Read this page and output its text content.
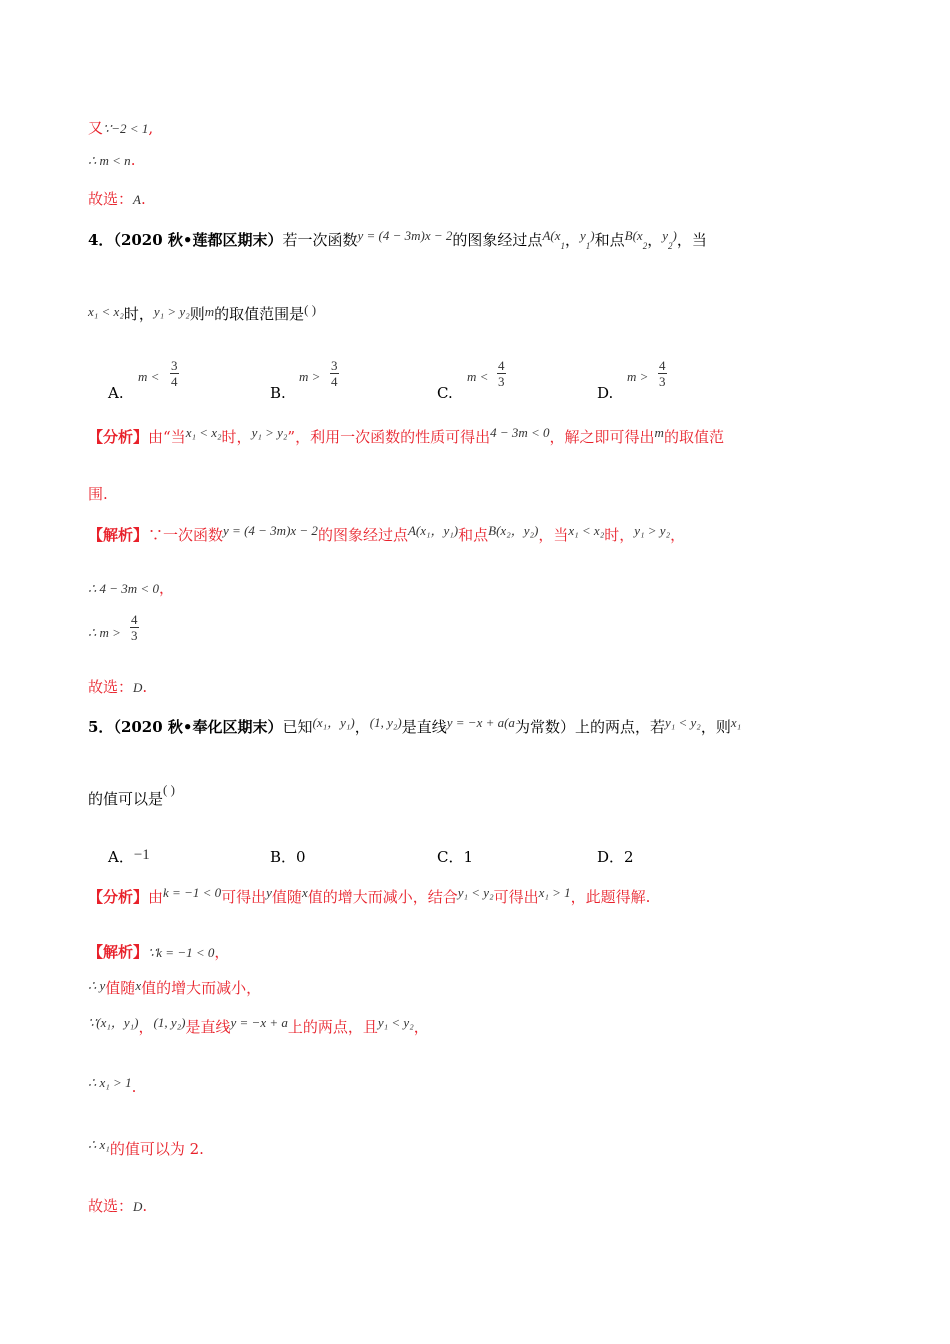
又∵−2 < 1,
∴ m < n.
故选：A.
4．（2020 秋•莲都区期末）若一次函数y = (4 − 3m)x − 2的图象经过点$A(x_1$，$y_1$)和点$B(x_2$，$y_2$)，当
x₁ < x₂时，y₁ > y₂则m的取值范围是( )
A.
$m < \frac{3}{4}$
B.
$m > \frac{3}{4}$
C.
$m < \frac{4}{3}$
D.
$m > \frac{4}{3}$
【分析】由“当x₁ < x₂时，y₁ > y₂”，利用一次函数的性质可得出4 − 3m < 0，解之即可得出m的取值范
围.
【解析】∵一次函数y = (4 − 3m)x − 2的图象经过点A(x₁，y₁)和点B(x₂，y₂)，当x₁ < x₂时，y₁ > y₂，
∴ 4 − 3m < 0，
∴ $m > \frac{4}{3}$
故选：D.
5．（2020 秋•奉化区期末）已知(x₁，y₁)，(1, y₂)是直线y = −x + a(a为常数）上的两点，若y₁ < y₂，则x₁
的值可以是( )
A．−1	B．0	C．1	D．2
【分析】由k = −1 < 0可得出y值随x值的增大而减小，结合y₁ < y₂可得出x₁ > 1，此题得解.
【解析】∵k = −1 < 0，
∴ y值随x值的增大而减小，
∵(x₁，y₁)，(1, y₂)是直线y = −x + a上的两点，且y₁ < y₂，
∴ x₁ > 1.
∴ x₁的值可以为 2.
故选：D.
